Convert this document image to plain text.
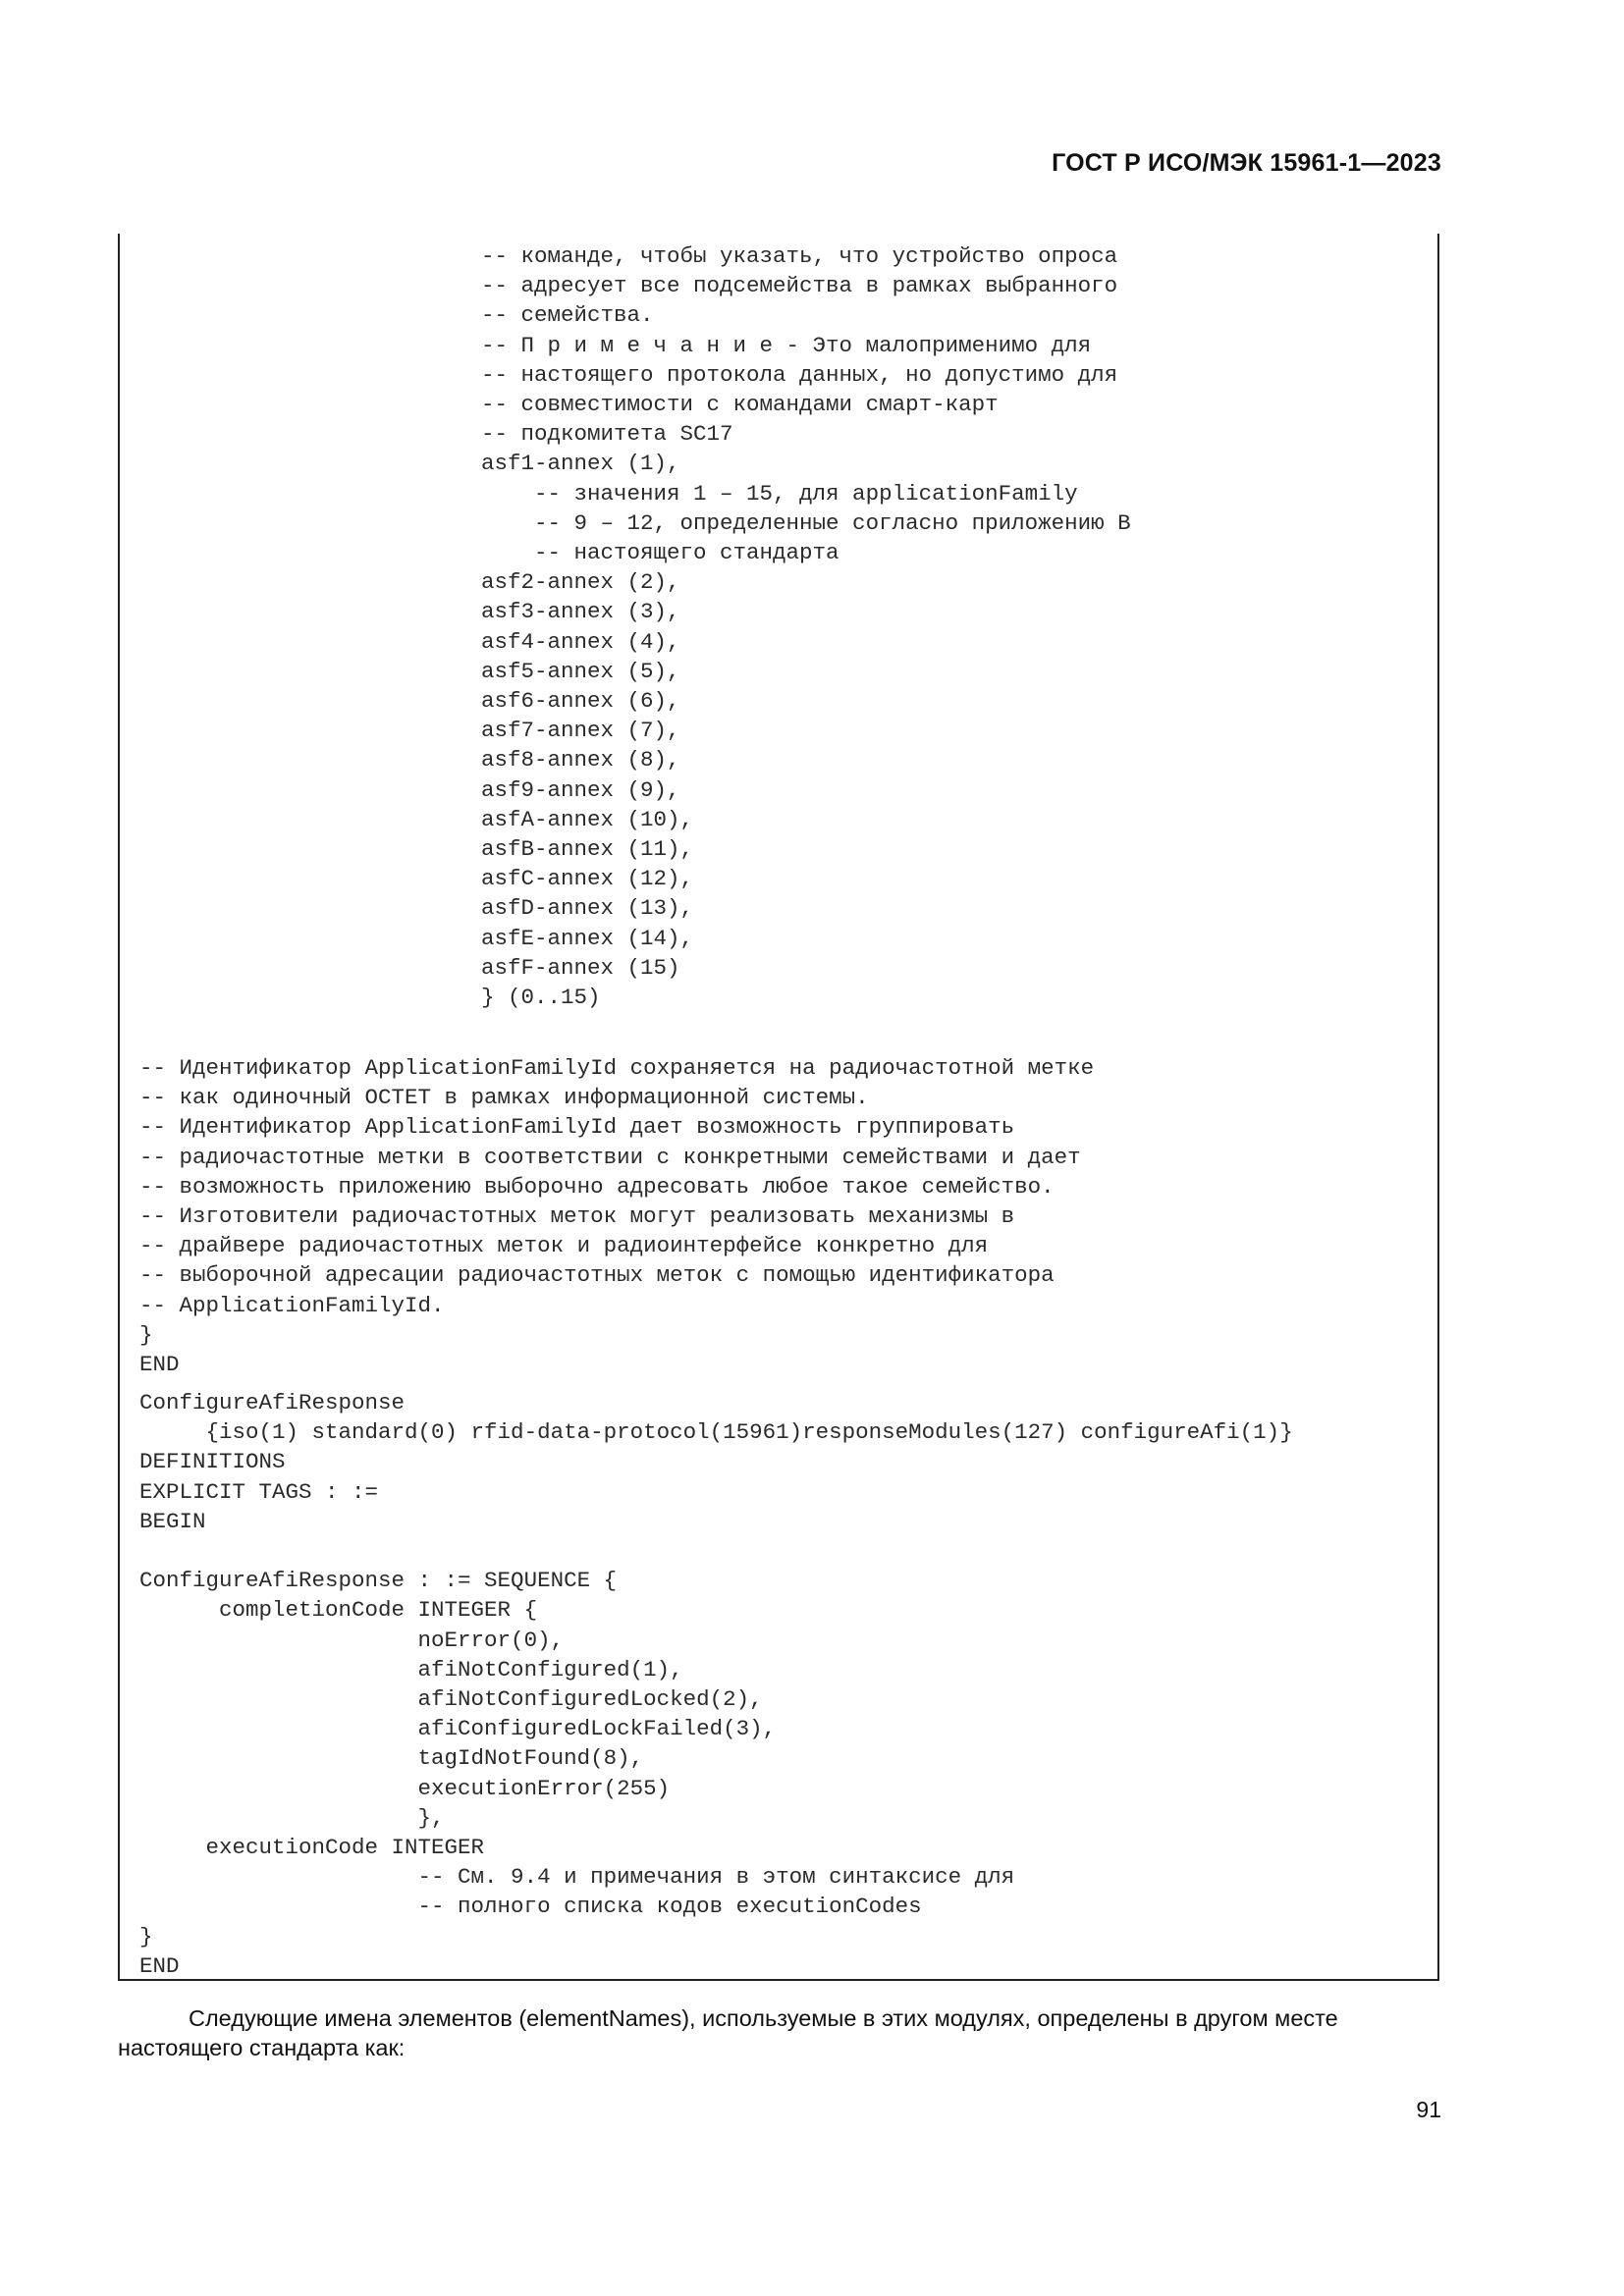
ГОСТ Р ИСО/МЭК 15961-1—2023
-- команде, чтобы указать, что устройство опроса
-- адресует все подсемейства в рамках выбранного
-- семейства.
-- П р и м е ч а н и е - Это малоприменимо для
-- настоящего протокола данных, но допустимо для
-- совместимости с командами смарт-карт
-- подкомитета SC17
asf1-annex (1),
-- значения 1 – 15, для applicationFamily
-- 9 – 12, определенные согласно приложению B
-- настоящего стандарта
asf2-annex (2),
asf3-annex (3),
asf4-annex (4),
asf5-annex (5),
asf6-annex (6),
asf7-annex (7),
asf8-annex (8),
asf9-annex (9),
asfA-annex (10),
asfB-annex (11),
asfC-annex (12),
asfD-annex (13),
asfE-annex (14),
asfF-annex (15)
} (0..15)
-- Идентификатор ApplicationFamilyId сохраняется на радиочастотной метке
-- как одиночный OCTET в рамках информационной системы.
-- Идентификатор ApplicationFamilyId дает возможность группировать
-- радиочастотные метки в соответствии с конкретными семействами и дает
-- возможность приложению выборочно адресовать любое такое семейство.
-- Изготовители радиочастотных меток могут реализовать механизмы в
-- драйвере радиочастотных меток и радиоинтерфейсе конкретно для
-- выборочной адресации радиочастотных меток с помощью идентификатора
-- ApplicationFamilyId.
}
END
ConfigureAfiResponse
{iso(1) standard(0) rfid-data-protocol(15961)responseModules(127) configureAfi(1)}
DEFINITIONS
EXPLICIT TAGS : :=
BEGIN
ConfigureAfiResponse : := SEQUENCE {
completionCode INTEGER {
noError(0),
afiNotConfigured(1),
afiNotConfiguredLocked(2),
afiConfiguredLockFailed(3),
tagIdNotFound(8),
executionError(255)
},
executionCode INTEGER
-- См. 9.4 и примечания в этом синтаксисе для
-- полного списка кодов executionCodes
}
END
Следующие имена элементов (elementNames), используемые в этих модулях, определены в другом месте
настоящего стандарта как:
91
